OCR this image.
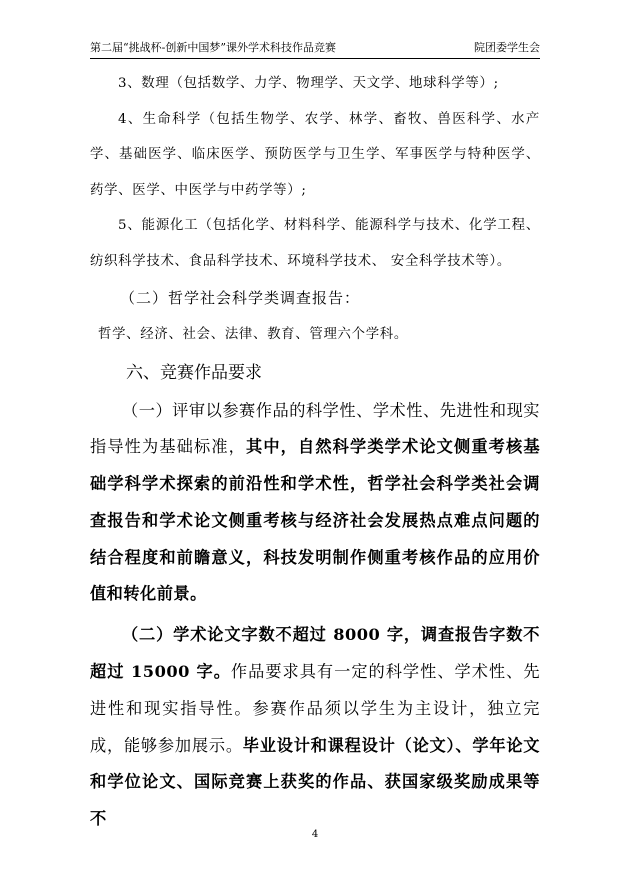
第二届“挑战杯-创新中国梦”课外学术科技作品竞赛	院团委学生会

3、数理（包括数学、力学、物理学、天文学、地球科学等）;

4、生命科学（包括生物学、农学、林学、畜牧、兽医科学、水产学、基础医学、临床医学、预防医学与卫生学、军事医学与特种医学、药学、医学、中医学与中药学等）;

5、能源化工（包括化学、材料科学、能源科学与技术、化学工程、纺织科学技术、食品科学技术、环境科学技术、 安全科学技术等）。

（二）哲学社会科学类调查报告：

哲学、经济、社会、法律、教育、管理六个学科。

六、竞赛作品要求

（一）评审以参赛作品的科学性、学术性、先进性和现实指导性为基础标准，其中，自然科学类学术论文侧重考核基础学科学术探索的前沿性和学术性，哲学社会科学类社会调查报告和学术论文侧重考核与经济社会发展热点难点问题的结合程度和前瞻意义，科技发明制作侧重考核作品的应用价值和转化前景。

（二）学术论文字数不超过 8000 字，调查报告字数不超过 15000 字。作品要求具有一定的科学性、学术性、先进性和现实指导性。参赛作品须以学生为主设计，独立完成，能够参加展示。毕业设计和课程设计（论文）、学年论文和学位论文、国际竞赛上获奖的作品、获国家级奖励成果等不

4
